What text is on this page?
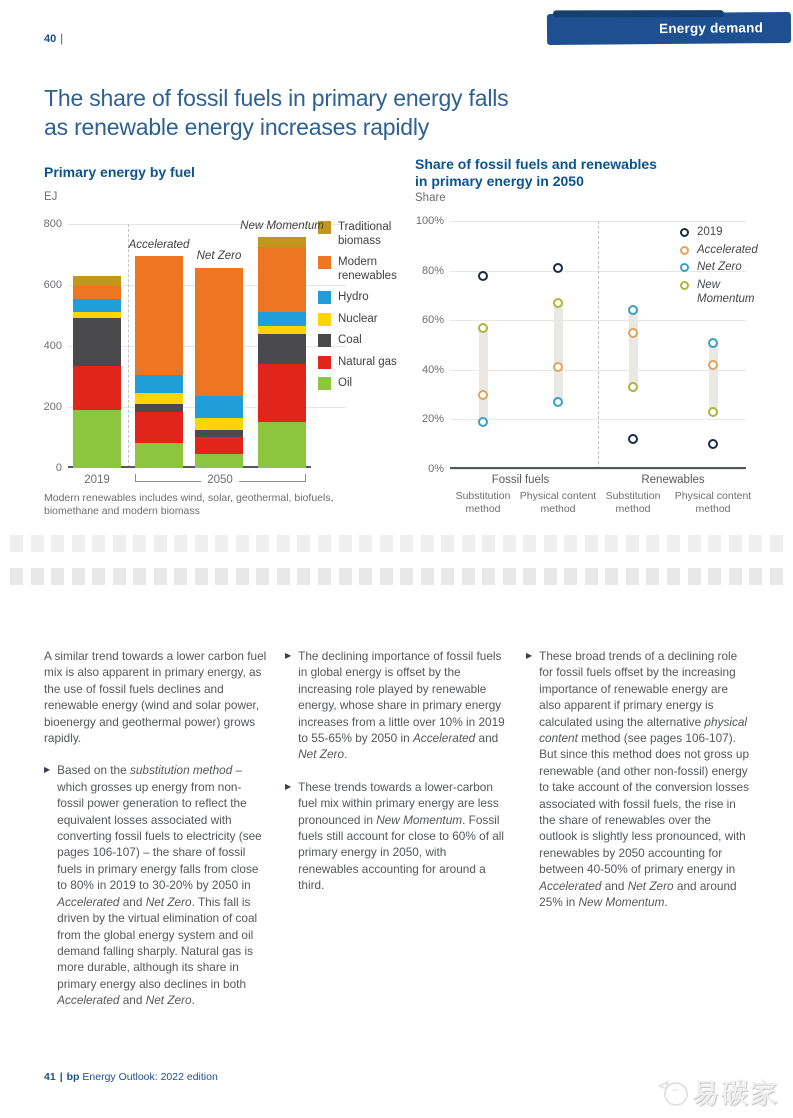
40 |
Energy demand
The share of fossil fuels in primary energy falls
as renewable energy increases rapidly
Primary energy by fuel
EJ
0
200
400
600
800
2019
Accelerated
Net Zero
New Momentum
2050
Traditional biomass
Modern renewables
Hydro
Nuclear
Coal
Natural gas
Oil
Modern renewables includes wind, solar, geothermal, biofuels, biomethane and modern biomass
Share of fossil fuels and renewables
in primary energy in 2050
Share
0%
20%
40%
60%
80%
100%
Fossil fuels
Substitution method
Physical content method
Renewables
Substitution method
Physical content method
2019
Accelerated
Net Zero
New Momentum

A similar trend towards a lower carbon fuel mix is also apparent in primary energy, as the use of fossil fuels declines and renewable energy (wind and solar power, bioenergy and geothermal power) grows rapidly.

▶ Based on the substitution method – which grosses up energy from non-fossil power generation to reflect the equivalent losses associated with converting fossil fuels to electricity (see pages 106-107) – the share of fossil fuels in primary energy falls from close to 80% in 2019 to 30-20% by 2050 in Accelerated and Net Zero. This fall is driven by the virtual elimination of coal from the global energy system and oil demand falling sharply. Natural gas is more durable, although its share in primary energy also declines in both Accelerated and Net Zero.
▶ The declining importance of fossil fuels in global energy is offset by the increasing role played by renewable energy, whose share in primary energy increases from a little over 10% in 2019 to 55-65% by 2050 in Accelerated and Net Zero.
▶ These trends towards a lower-carbon fuel mix within primary energy are less pronounced in New Momentum. Fossil fuels still account for close to 60% of all primary energy in 2050, with renewables accounting for around a third.
▶ These broad trends of a declining role for fossil fuels offset by the increasing importance of renewable energy are also apparent if primary energy is calculated using the alternative physical content method (see pages 106-107). But since this method does not gross up renewable (and other non-fossil) energy to take account of the conversion losses associated with fossil fuels, the rise in the share of renewables over the outlook is slightly less pronounced, with renewables by 2050 accounting for between 40-50% of primary energy in Accelerated and Net Zero and around 25% in New Momentum.
41 | bp Energy Outlook: 2022 edition
易碳家
